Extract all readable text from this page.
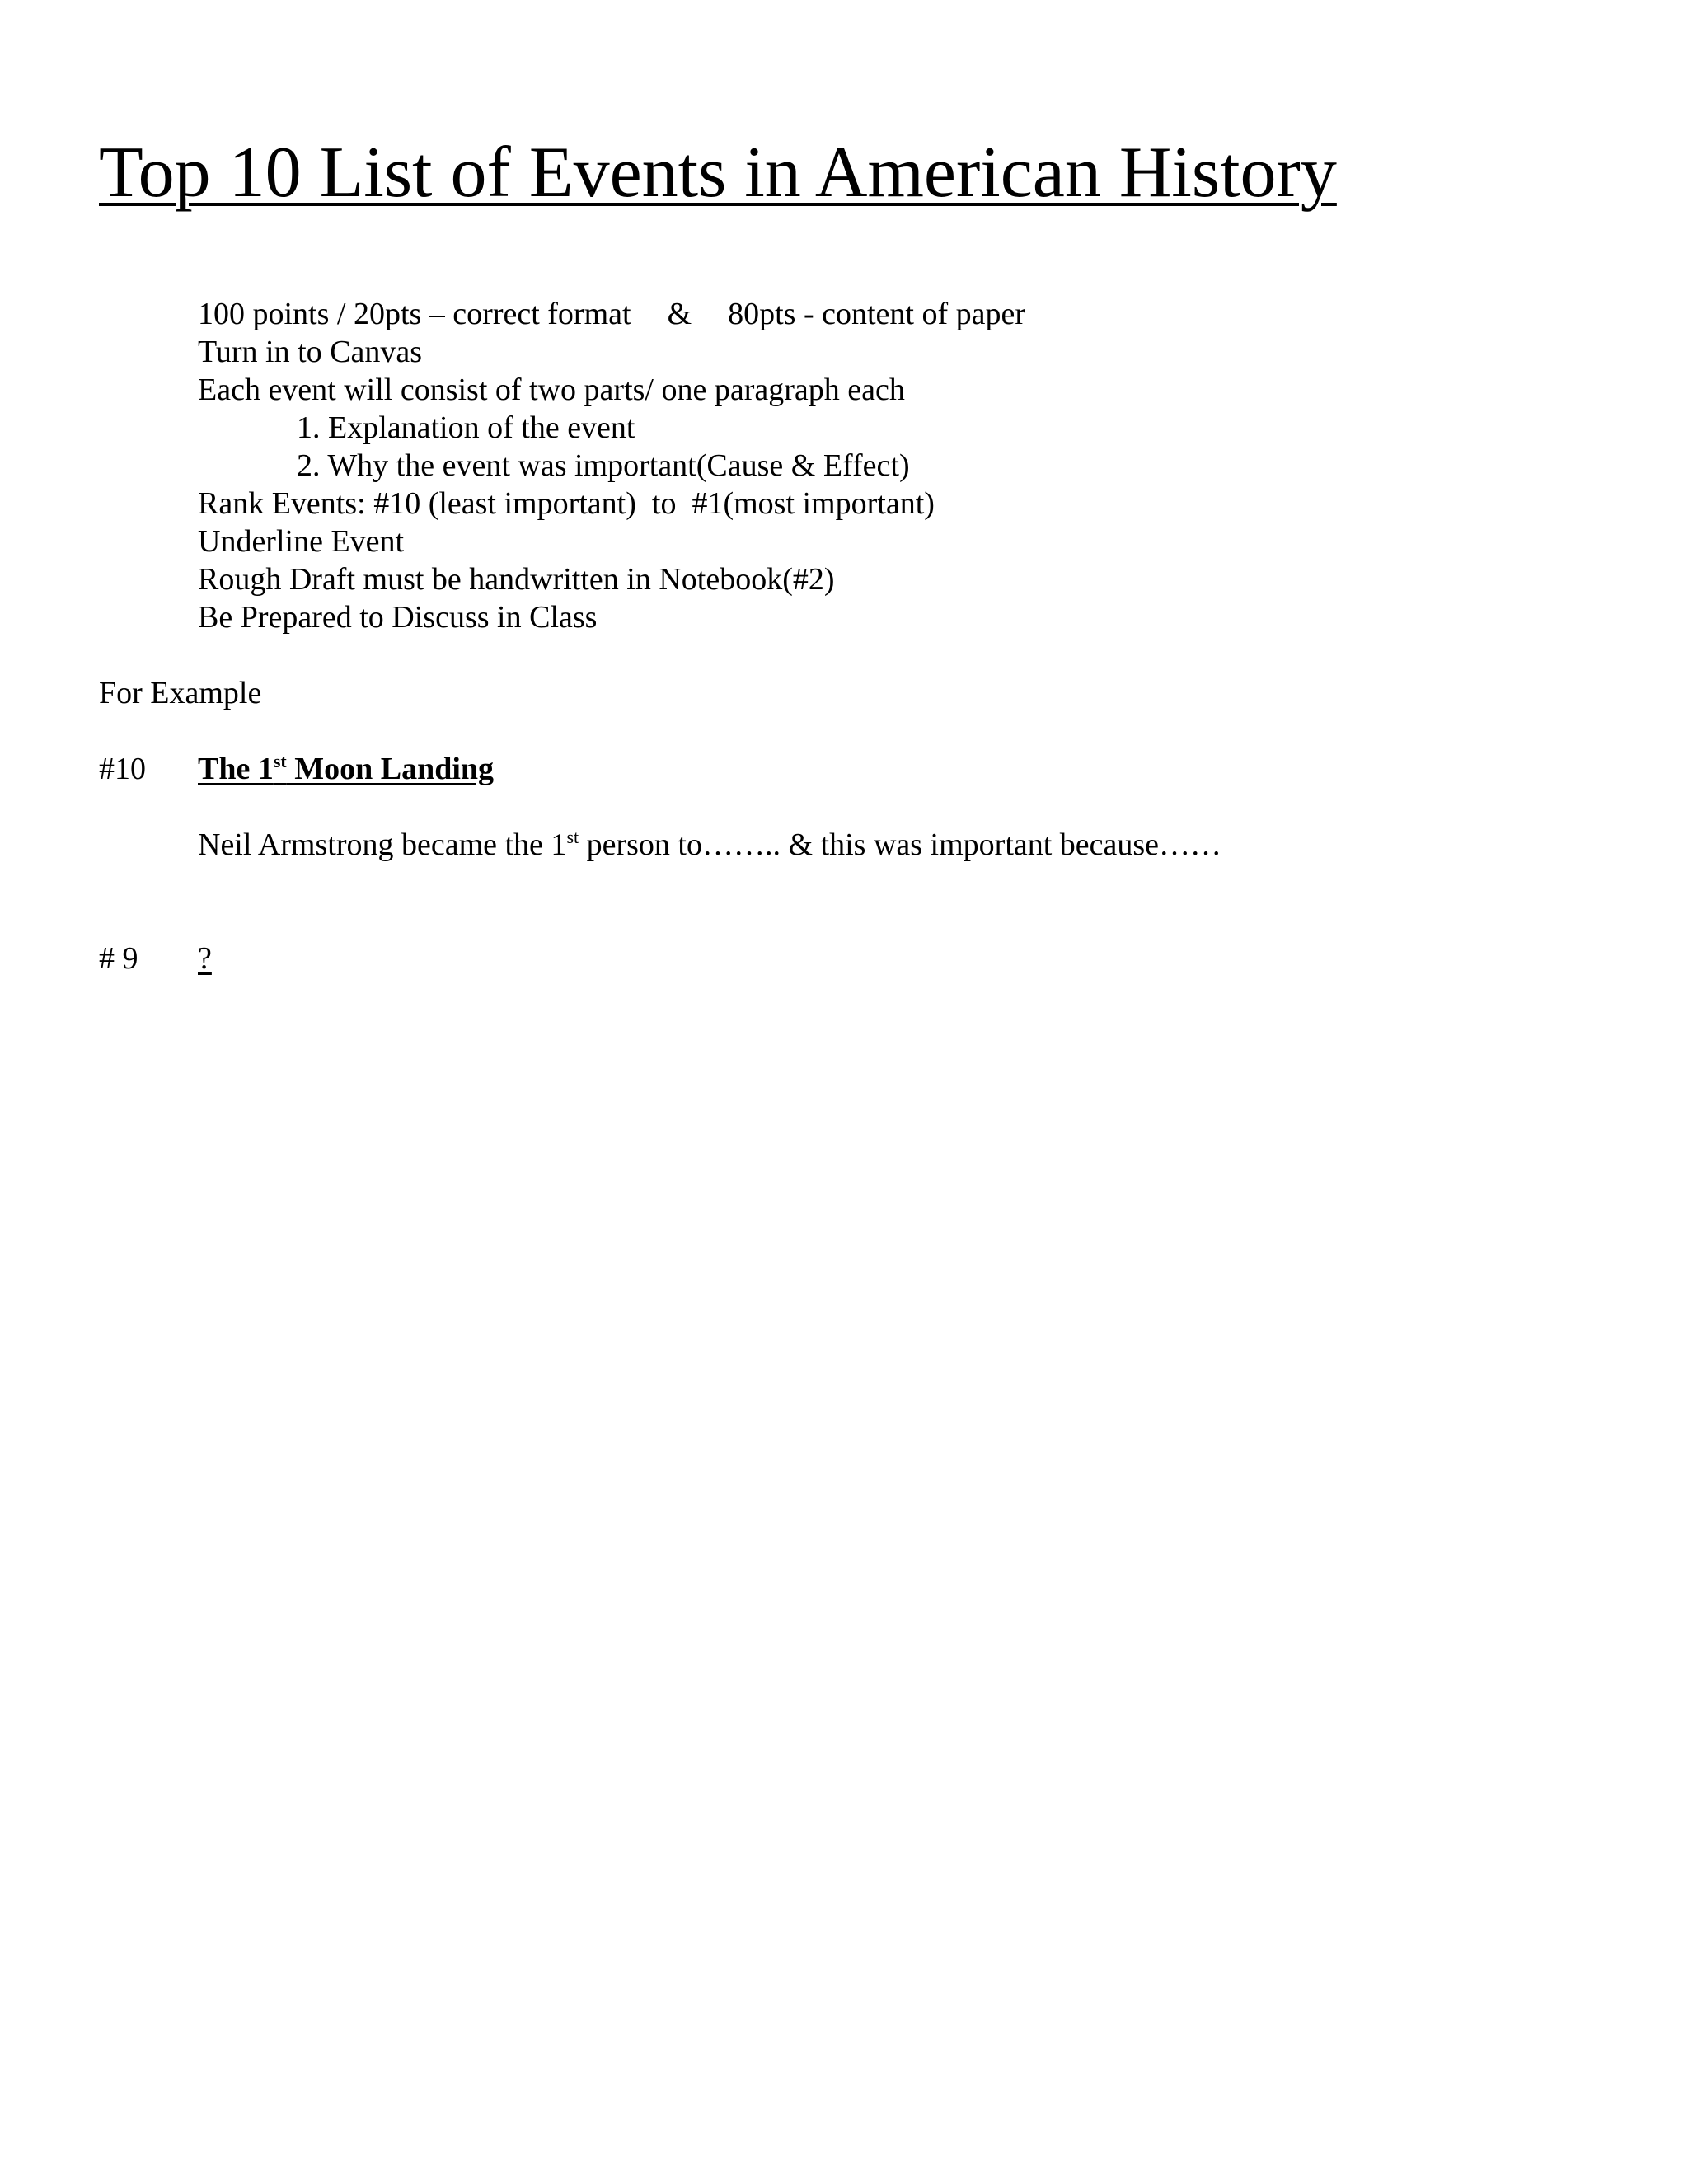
Top 10 List of Events in American History
100 points / 20pts – correct format & 80pts - content of paper
Turn in to Canvas
Each event will consist of two parts/ one paragraph each
1. Explanation of the event
2. Why the event was important(Cause & Effect)
Rank Events: #10 (least important)  to  #1(most important)
Underline Event
Rough Draft must be handwritten in Notebook(#2)
Be Prepared to Discuss in Class
For Example
#10 The 1st Moon Landing
Neil Armstrong became the 1st person to…….. & this was important because……
# 9 ?
